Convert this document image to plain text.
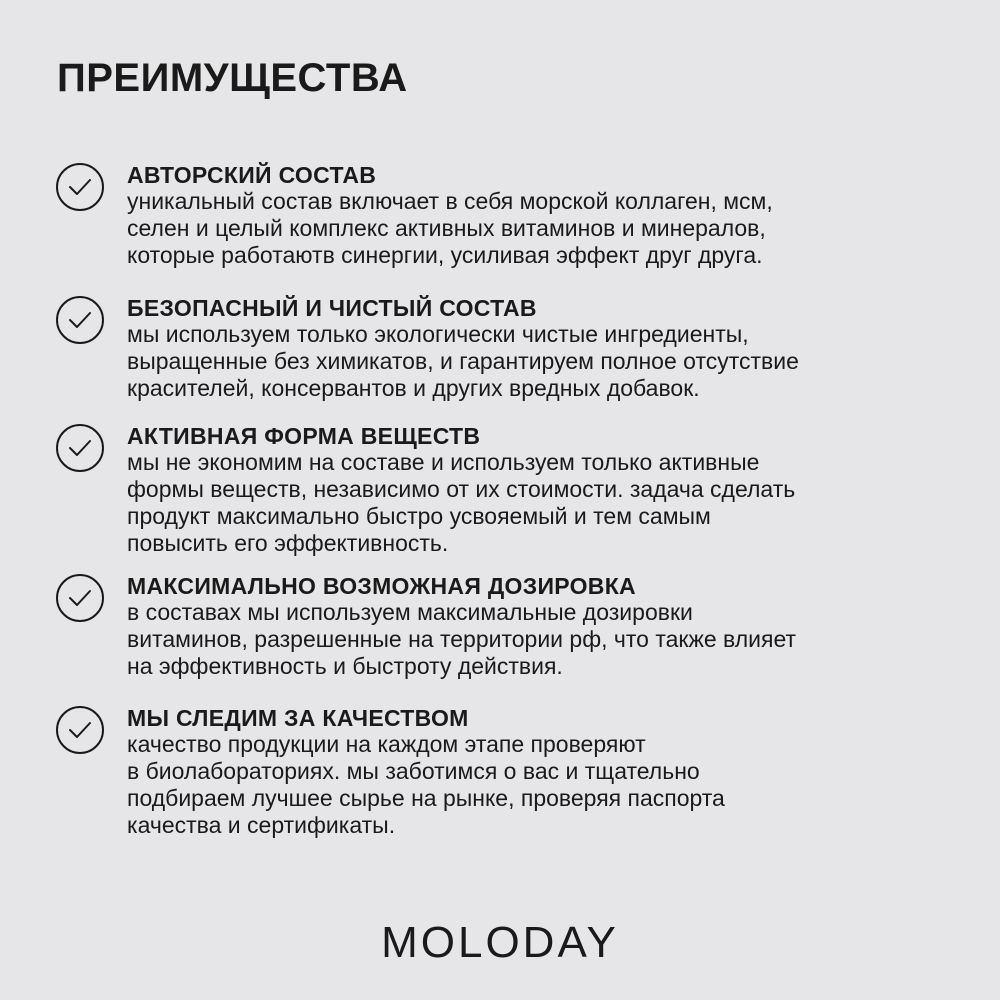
ПРЕИМУЩЕСТВА

АВТОРСКИЙ СОСТАВ

уникальный состав включает в себя морской коллаген, мсм,
селен и целый комплекс активных витаминов и минералов,
которые работаютв синергии, усиливая эффект друг друга.

БЕЗОПАСНЫЙ И ЧИСТЫЙ СОСТАВ

мы используем только экологически чистые ингредиенты,
выращенные без химикатов, и гарантируем полное отсутствие
красителей, консервантов и других вредных добавок.

АКТИВНАЯ ФОРМА ВЕЩЕСТВ

мы не экономим на составе и используем только активные
формы веществ, независимо от их стоимости. задача сделать
продукт максимально быстро усвояемый и тем самым
повысить его эффективность.

МАКСИМАЛЬНО ВОЗМОЖНАЯ ДОЗИРОВКА

в составах мы используем максимальные дозировки
витаминов, разрешенные на территории рф, что также влияет
на эффективность и быстроту действия.

МЫ СЛЕДИМ ЗА КАЧЕСТВОМ

качество продукции на каждом этапе проверяют
в биолабораториях. мы заботимся о вас и тщательно
подбираем лучшее сырье на рынке, проверяя паспорта
качества и сертификаты.

MOLODAY
